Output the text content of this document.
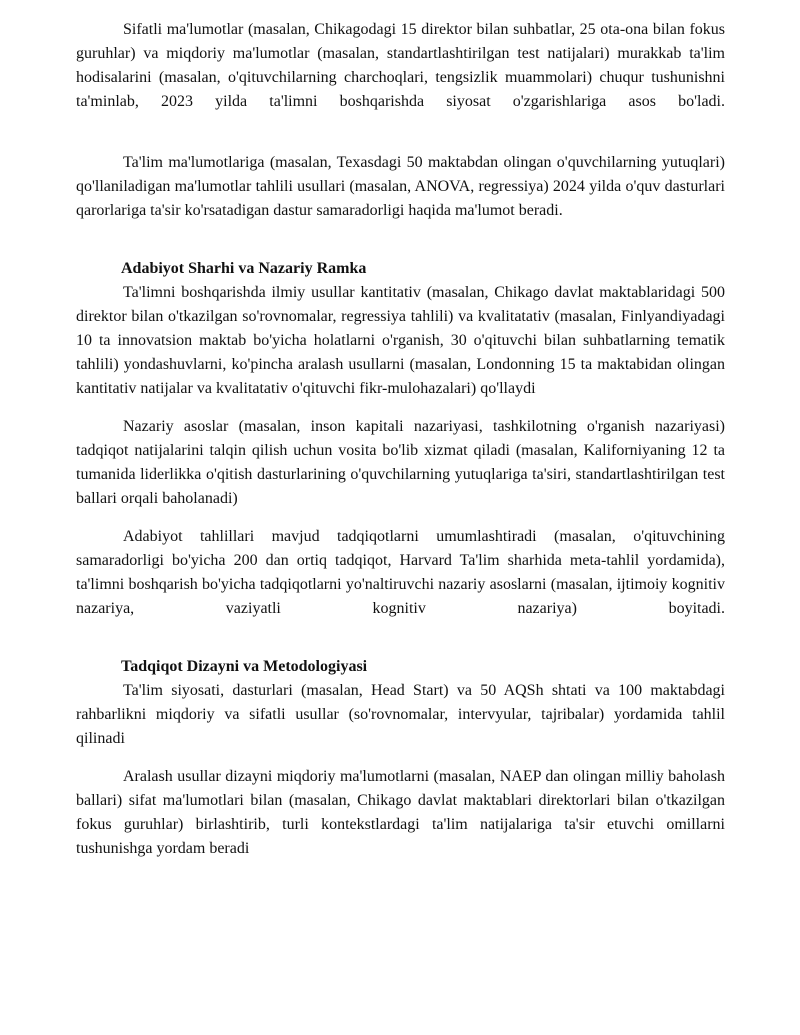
Sifatli ma'lumotlar (masalan, Chikagodagi 15 direktor bilan suhbatlar, 25 ota-ona bilan fokus guruhlar) va miqdoriy ma'lumotlar (masalan, standartlashtirilgan test natijalari) murakkab ta'lim hodisalarini (masalan, o'qituvchilarning charchoqlari, tengsizlik muammolari) chuqur tushunishni ta'minlab, 2023 yilda ta'limni boshqarishda siyosat o'zgarishlariga asos bo'ladi.

Ta'lim ma'lumotlariga (masalan, Texasdagi 50 maktabdan olingan o'quvchilarning yutuqlari) qo'llaniladigan ma'lumotlar tahlili usullari (masalan, ANOVA, regressiya) 2024 yilda o'quv dasturlari qarorlariga ta'sir ko'rsatadigan dastur samaradorligi haqida ma'lumot beradi.

Adabiyot Sharhi va Nazariy Ramka

Ta'limni boshqarishda ilmiy usullar kantitativ (masalan, Chikago davlat maktablaridagi 500 direktor bilan o'tkazilgan so'rovnomalar, regressiya tahlili) va kvalitatativ (masalan, Finlyandiyadagi 10 ta innovatsion maktab bo'yicha holatlarni o'rganish, 30 o'qituvchi bilan suhbatlarning tematik tahlili) yondashuvlarni, ko'pincha aralash usullarni (masalan, Londonning 15 ta maktabidan olingan kantitativ natijalar va kvalitatativ o'qituvchi fikr-mulohazalari) qo'llaydi

Nazariy asoslar (masalan, inson kapitali nazariyasi, tashkilotning o'rganish nazariyasi) tadqiqot natijalarini talqin qilish uchun vosita bo'lib xizmat qiladi (masalan, Kaliforniyaning 12 ta tumanida liderlikka o'qitish dasturlarining o'quvchilarning yutuqlariga ta'siri, standartlashtirilgan test ballari orqali baholanadi)

Adabiyot tahlillari mavjud tadqiqotlarni umumlashtiradi (masalan, o'qituvchining samaradorligi bo'yicha 200 dan ortiq tadqiqot, Harvard Ta'lim sharhida meta-tahlil yordamida), ta'limni boshqarish bo'yicha tadqiqotlarni yo'naltiruvchi nazariy asoslarni (masalan, ijtimoiy kognitiv nazariya, vaziyatli kognitiv nazariya) boyitadi.

Tadqiqot Dizayni va Metodologiyasi

Ta'lim siyosati, dasturlari (masalan, Head Start) va 50 AQSh shtati va 100 maktabdagi rahbarlikni miqdoriy va sifatli usullar (so'rovnomalar, intervyular, tajribalar) yordamida tahlil qilinadi

Aralash usullar dizayni miqdoriy ma'lumotlarni (masalan, NAEP dan olingan milliy baholash ballari) sifat ma'lumotlari bilan (masalan, Chikago davlat maktablari direktorlari bilan o'tkazilgan fokus guruhlar) birlashtirib, turli kontekstlardagi ta'lim natijalariga ta'sir etuvchi omillarni tushunishga yordam beradi
